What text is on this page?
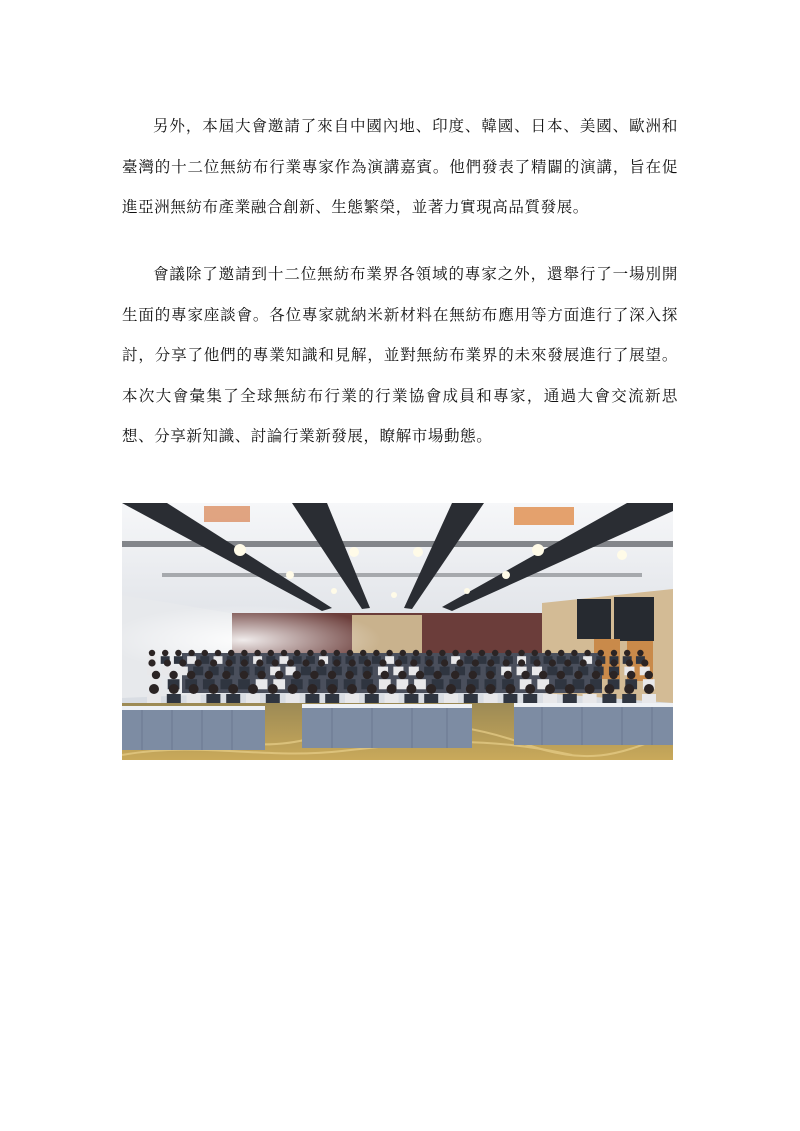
另外，本屆大會邀請了來自中國內地、印度、韓國、日本、美國、歐洲和臺灣的十二位無紡布行業專家作為演講嘉賓。他們發表了精闢的演講，旨在促進亞洲無紡布產業融合創新、生態繁榮，並著力實現高品質發展。

會議除了邀請到十二位無紡布業界各領域的專家之外，還舉行了一場別開生面的專家座談會。各位專家就納米新材料在無紡布應用等方面進行了深入探討，分享了他們的專業知識和見解，並對無紡布業界的未來發展進行了展望。本次大會彙集了全球無紡布行業的行業協會成員和專家，通過大會交流新思想、分享新知識、討論行業新發展，瞭解市場動態。
